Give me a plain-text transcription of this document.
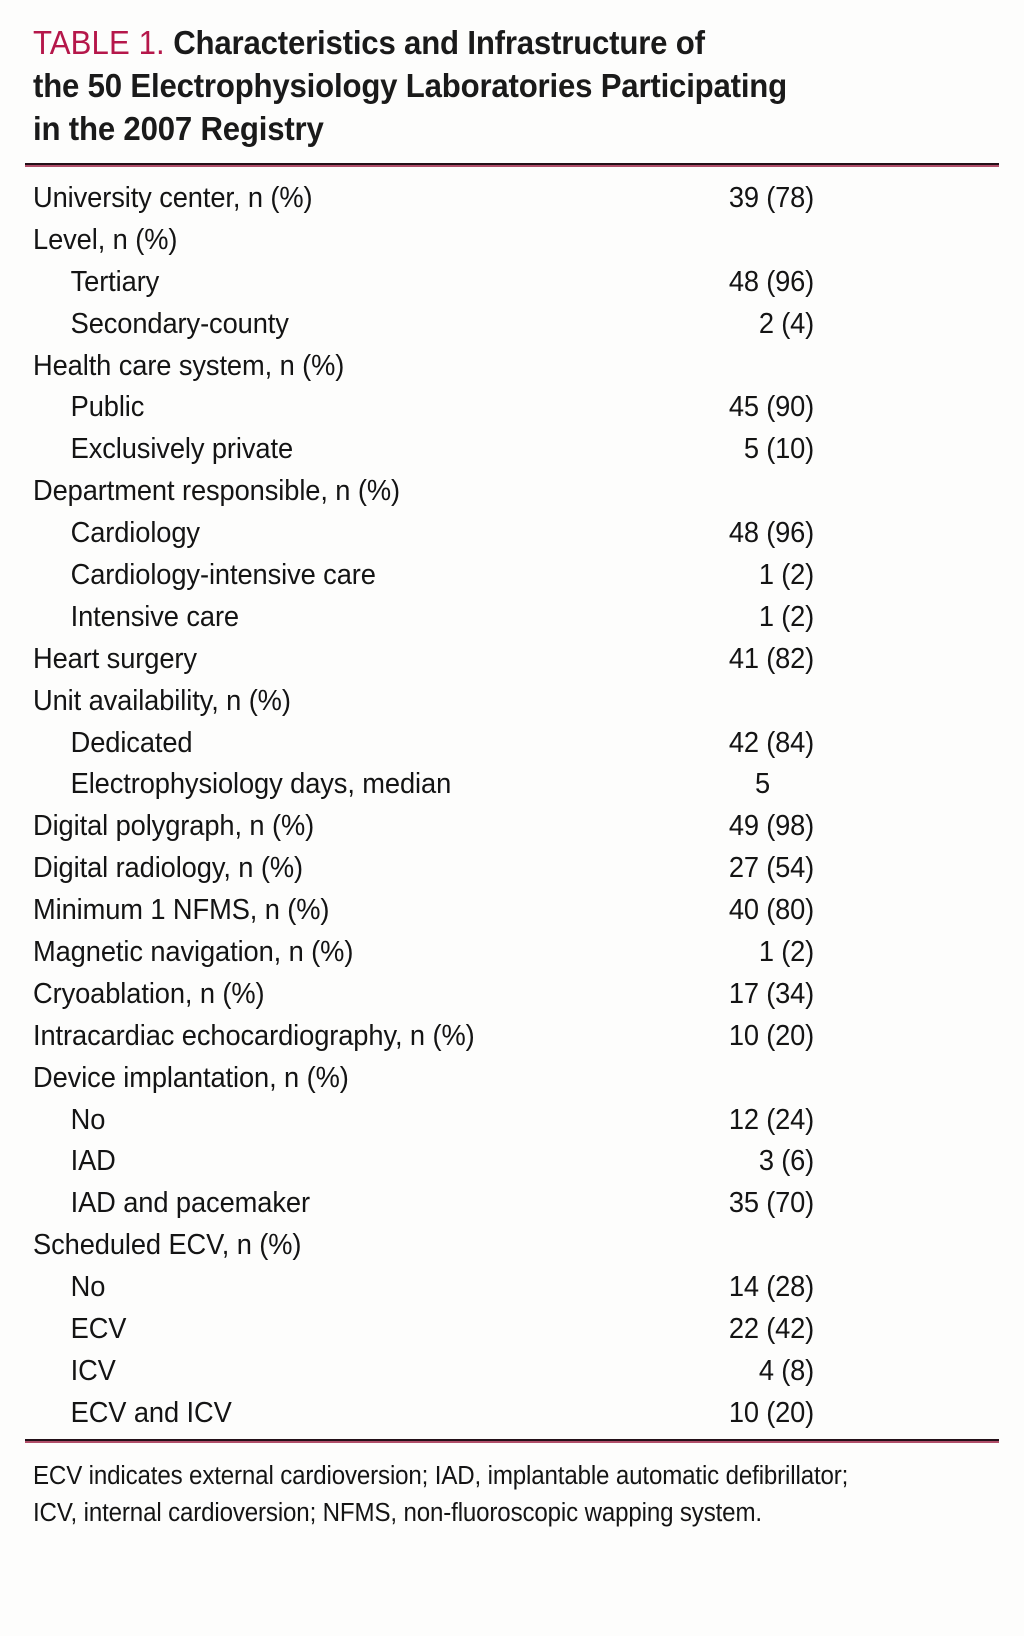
TABLE 1. Characteristics and Infrastructure of
the 50 Electrophysiology Laboratories Participating
in the 2007 Registry
University center, n (%)	39 (78)
Level, n (%)
Tertiary	48 (96)
Secondary-county	2 (4)
Health care system, n (%)
Public	45 (90)
Exclusively private	5 (10)
Department responsible, n (%)
Cardiology	48 (96)
Cardiology-intensive care	1 (2)
Intensive care	1 (2)
Heart surgery	41 (82)
Unit availability, n (%)
Dedicated	42 (84)
Electrophysiology days, median	5
Digital polygraph, n (%)	49 (98)
Digital radiology, n (%)	27 (54)
Minimum 1 NFMS, n (%)	40 (80)
Magnetic navigation, n (%)	1 (2)
Cryoablation, n (%)	17 (34)
Intracardiac echocardiography, n (%)	10 (20)
Device implantation, n (%)
No	12 (24)
IAD	3 (6)
IAD and pacemaker	35 (70)
Scheduled ECV, n (%)
No	14 (28)
ECV	22 (42)
ICV	4 (8)
ECV and ICV	10 (20)
ECV indicates external cardioversion; IAD, implantable automatic defibrillator;
ICV, internal cardioversion; NFMS, non-fluoroscopic wapping system.
